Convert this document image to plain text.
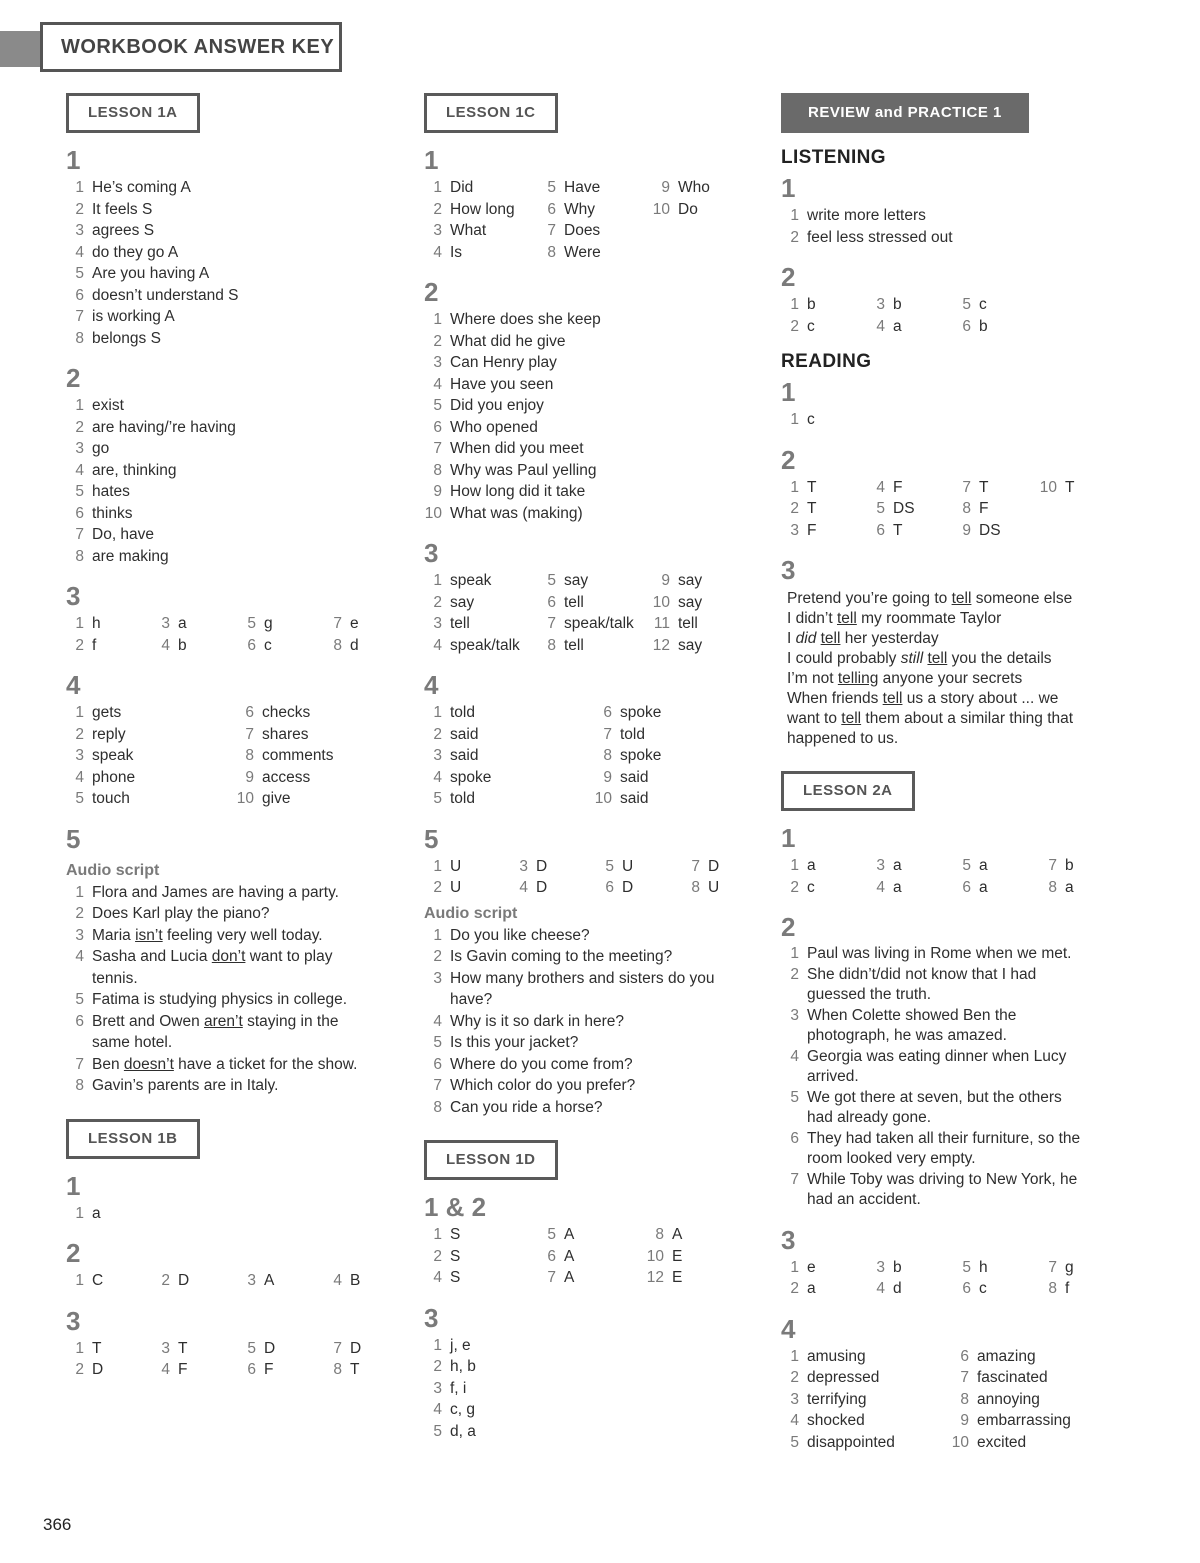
WORKBOOK ANSWER KEY
LESSON 1A
1
1 He’s coming A
2 It feels S
3 agrees S
4 do they go A
5 Are you having A
6 doesn’t understand S
7 is working A
8 belongs S
2
1 exist
2 are having/’re having
3 go
4 are, thinking
5 hates
6 thinks
7 Do, have
8 are making
3
1 h	3 a	5 g	7 e
2 f	4 b	6 c	8 d
4
1 gets	6 checks
2 reply	7 shares
3 speak	8 comments
4 phone	9 access
5 touch	10 give
5
Audio script
1 Flora and James are having a party.
2 Does Karl play the piano?
3 Maria isn’t feeling very well today.
4 Sasha and Lucia don’t want to play
tennis.
5 Fatima is studying physics in college.
6 Brett and Owen aren’t staying in the
same hotel.
7 Ben doesn’t have a ticket for the show.
8 Gavin’s parents are in Italy.
LESSON 1B
1
1 a
2
1 C	2 D	3 A	4 B
3
1 T	3 T	5 D	7 D
2 D	4 F	6 F	8 T
LESSON 1C
1
1 Did	5 Have	9 Who
2 How long	6 Why	10 Do
3 What	7 Does
4 Is	8 Were
2
1 Where does she keep
2 What did he give
3 Can Henry play
4 Have you seen
5 Did you enjoy
6 Who opened
7 When did you meet
8 Why was Paul yelling
9 How long did it take
10 What was (making)
3
1 speak	5 say	9 say
2 say	6 tell	10 say
3 tell	7 speak/talk 11 tell
4 speak/talk	8 tell	12 say
4
1 told	6 spoke
2 said	7 told
3 said	8 spoke
4 spoke	9 said
5 told	10 said
5
1 U	3 D	5 U	7 D
2 U	4 D	6 D	8 U
Audio script
1 Do you like cheese?
2 Is Gavin coming to the meeting?
3 How many brothers and sisters do you
have?
4 Why is it so dark in here?
5 Is this your jacket?
6 Where do you come from?
7 Which color do you prefer?
8 Can you ride a horse?
LESSON 1D
1 & 2
1 S	5 A	8 A
2 S	6 A	10 E
4 S	7 A	12 E
3
1 j, e
2 h, b
3 f, i
4 c, g
5 d, a
REVIEW and PRACTICE 1
LISTENING
1
1 write more letters
2 feel less stressed out
2
1 b	3 b	5 c
2 c	4 a	6 b
READING
1
1 c
2
1 T	4 F	7 T	10 T
2 T	5 DS	8 F
3 F	6 T	9 DS
3
Pretend you’re going to tell someone else
I didn’t tell my roommate Taylor
I did tell her yesterday
I could probably still tell you the details
I’m not telling anyone your secrets
When friends tell us a story about ... we
want to tell them about a similar thing that
happened to us.
LESSON 2A
1
1 a	3 a	5 a	7 b
2 c	4 a	6 a	8 a
2
1 Paul was living in Rome when we met.
2 She didn’t/did not know that I had
guessed the truth.
3 When Colette showed Ben the
photograph, he was amazed.
4 Georgia was eating dinner when Lucy
arrived.
5 We got there at seven, but the others
had already gone.
6 They had taken all their furniture, so the
room looked very empty.
7 While Toby was driving to New York, he
had an accident.
3
1 e	3 b	5 h	7 g
2 a	4 d	6 c	8 f
4
1 amusing	6 amazing
2 depressed	7 fascinated
3 terrifying	8 annoying
4 shocked	9 embarrassing
5 disappointed	10 excited
366
